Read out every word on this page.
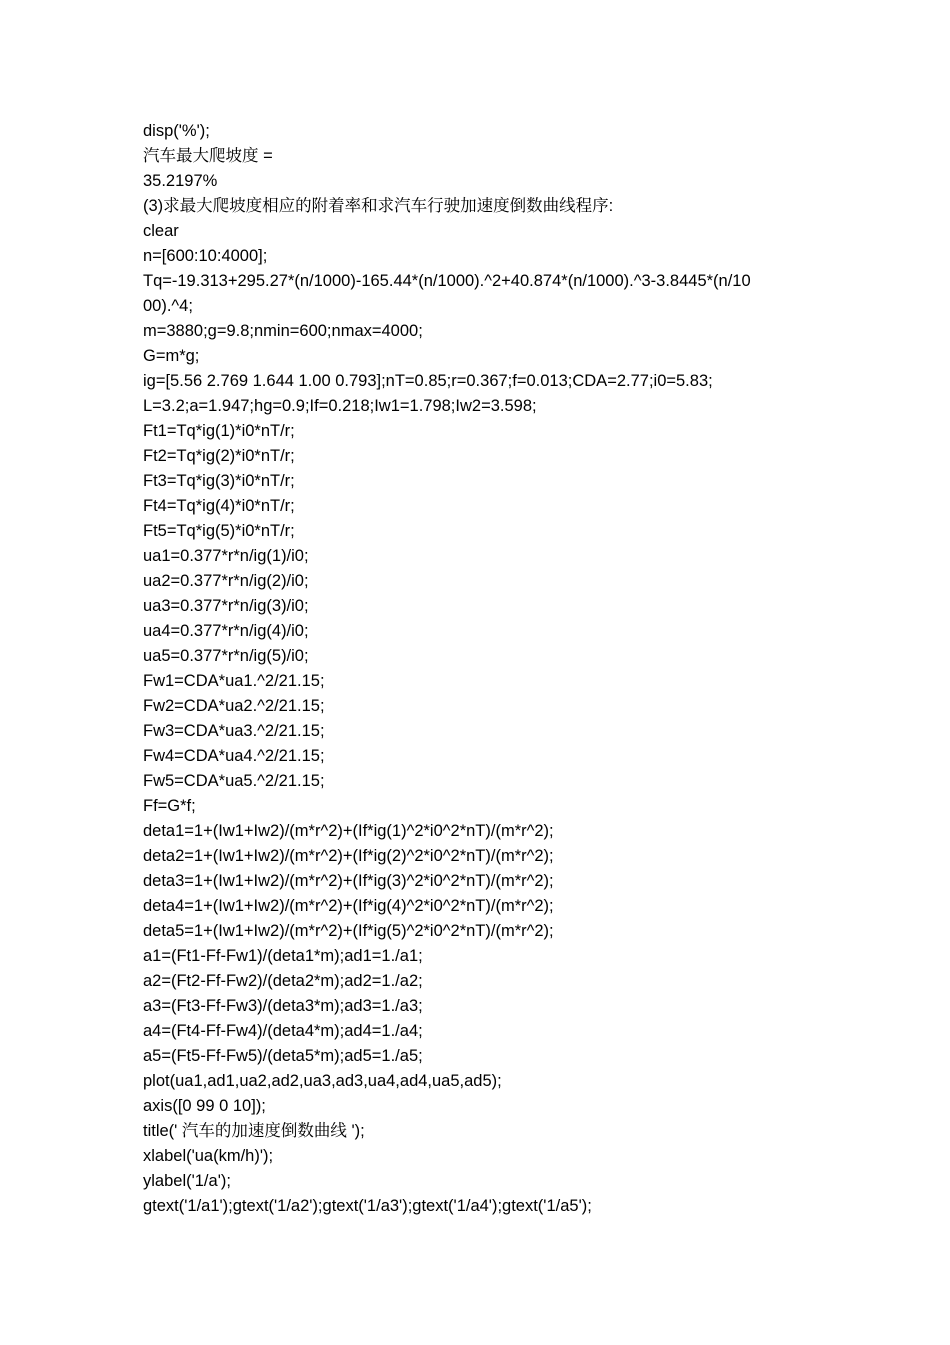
disp('%');
汽车最大爬坡度 =
35.2197%
(3)求最大爬坡度相应的附着率和求汽车行驶加速度倒数曲线程序:
clear
n=[600:10:4000];
Tq=-19.313+295.27*(n/1000)-165.44*(n/1000).^2+40.874*(n/1000).^3-3.8445*(n/10
00).^4;
m=3880;g=9.8;nmin=600;nmax=4000;
G=m*g;
ig=[5.56 2.769 1.644 1.00 0.793];nT=0.85;r=0.367;f=0.013;CDA=2.77;i0=5.83;
L=3.2;a=1.947;hg=0.9;If=0.218;Iw1=1.798;Iw2=3.598;
Ft1=Tq*ig(1)*i0*nT/r;
Ft2=Tq*ig(2)*i0*nT/r;
Ft3=Tq*ig(3)*i0*nT/r;
Ft4=Tq*ig(4)*i0*nT/r;
Ft5=Tq*ig(5)*i0*nT/r;
ua1=0.377*r*n/ig(1)/i0;
ua2=0.377*r*n/ig(2)/i0;
ua3=0.377*r*n/ig(3)/i0;
ua4=0.377*r*n/ig(4)/i0;
ua5=0.377*r*n/ig(5)/i0;
Fw1=CDA*ua1.^2/21.15;
Fw2=CDA*ua2.^2/21.15;
Fw3=CDA*ua3.^2/21.15;
Fw4=CDA*ua4.^2/21.15;
Fw5=CDA*ua5.^2/21.15;
Ff=G*f;
deta1=1+(Iw1+Iw2)/(m*r^2)+(If*ig(1)^2*i0^2*nT)/(m*r^2);
deta2=1+(Iw1+Iw2)/(m*r^2)+(If*ig(2)^2*i0^2*nT)/(m*r^2);
deta3=1+(Iw1+Iw2)/(m*r^2)+(If*ig(3)^2*i0^2*nT)/(m*r^2);
deta4=1+(Iw1+Iw2)/(m*r^2)+(If*ig(4)^2*i0^2*nT)/(m*r^2);
deta5=1+(Iw1+Iw2)/(m*r^2)+(If*ig(5)^2*i0^2*nT)/(m*r^2);
a1=(Ft1-Ff-Fw1)/(deta1*m);ad1=1./a1;
a2=(Ft2-Ff-Fw2)/(deta2*m);ad2=1./a2;
a3=(Ft3-Ff-Fw3)/(deta3*m);ad3=1./a3;
a4=(Ft4-Ff-Fw4)/(deta4*m);ad4=1./a4;
a5=(Ft5-Ff-Fw5)/(deta5*m);ad5=1./a5;
plot(ua1,ad1,ua2,ad2,ua3,ad3,ua4,ad4,ua5,ad5);
axis([0 99 0 10]);
title(' 汽车的加速度倒数曲线 ');
xlabel('ua(km/h)');
ylabel('1/a');
gtext('1/a1');gtext('1/a2');gtext('1/a3');gtext('1/a4');gtext('1/a5');
